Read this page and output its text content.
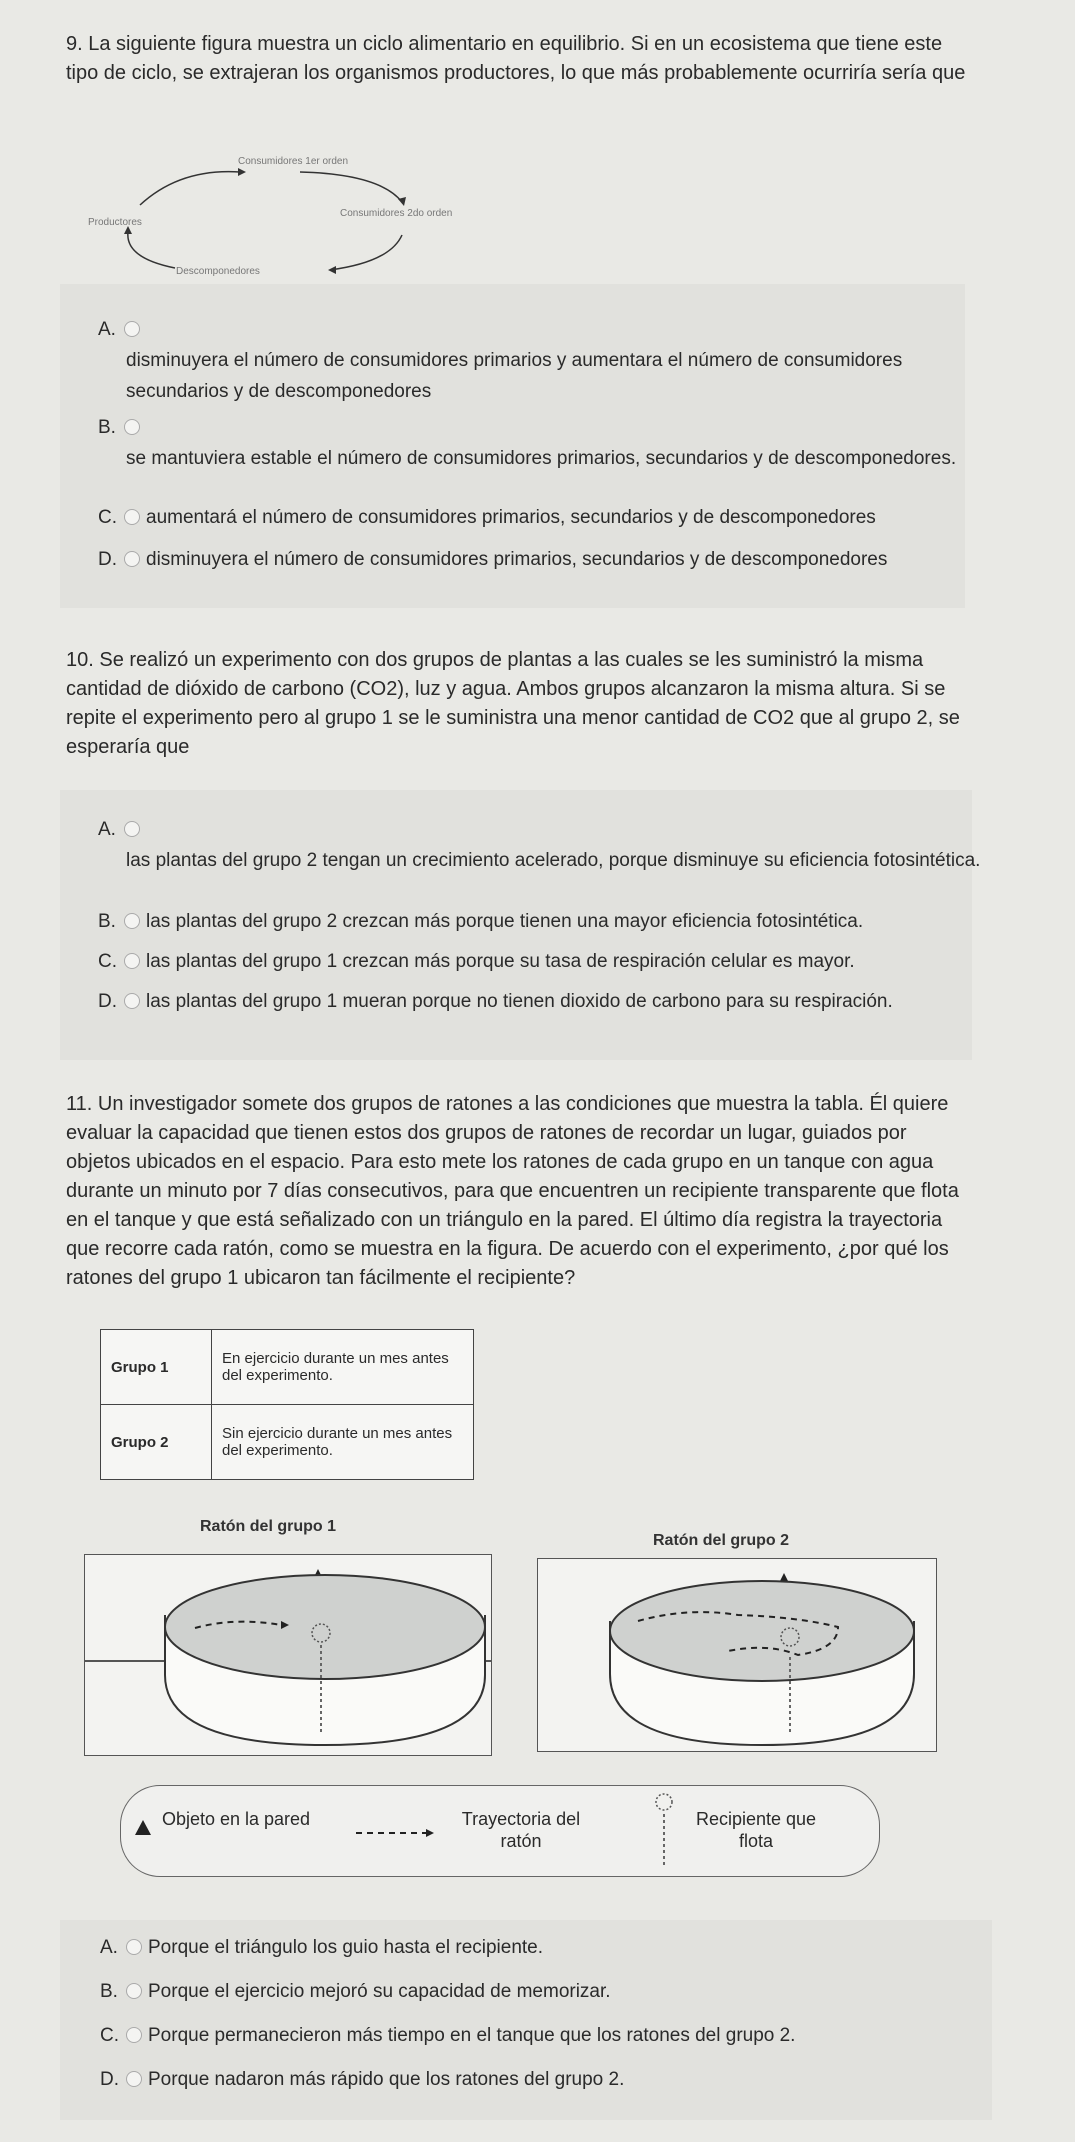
9. La siguiente figura muestra un ciclo alimentario en equilibrio. Si en un ecosistema que tiene este tipo de ciclo, se extrajeran los organismos productores, lo que más probablemente ocurriría sería que
Consumidores 1er orden
Consumidores 2do orden
Productores
Descomponedores
A.
disminuyera el número de consumidores primarios y aumentara el número de consumidores secundarios y de descomponedores
B.
se mantuviera estable el número de consumidores primarios, secundarios y de descomponedores.
C. aumentará el número de consumidores primarios, secundarios y de descomponedores
D. disminuyera el número de consumidores primarios, secundarios y de descomponedores
10. Se realizó un experimento con dos grupos de plantas a las cuales se les suministró la misma cantidad de dióxido de carbono (CO2), luz y agua. Ambos grupos alcanzaron la misma altura. Si se repite el experimento pero al grupo 1 se le suministra una menor cantidad de CO2 que al grupo 2, se esperaría que
A.
las plantas del grupo 2 tengan un crecimiento acelerado, porque disminuye su eficiencia fotosintética.
B. las plantas del grupo 2 crezcan más porque tienen una mayor eficiencia fotosintética.
C. las plantas del grupo 1 crezcan más porque su tasa de respiración celular es mayor.
D. las plantas del grupo 1 mueran porque no tienen dioxido de carbono para su respiración.
11. Un investigador somete dos grupos de ratones a las condiciones que muestra la tabla. Él quiere evaluar la capacidad que tienen estos dos grupos de ratones de recordar un lugar, guiados por objetos ubicados en el espacio. Para esto mete los ratones de cada grupo en un tanque con agua durante un minuto por 7 días consecutivos, para que encuentren un recipiente transparente que flota en el tanque y que está señalizado con un triángulo en la pared. El último día registra la trayectoria que recorre cada ratón, como se muestra en la figura. De acuerdo con el experimento, ¿por qué los ratones del grupo 1 ubicaron tan fácilmente el recipiente?
Grupo 1	En ejercicio durante un mes antes del experimento.
Grupo 2	Sin ejercicio durante un mes antes del experimento.
Ratón del grupo 1
Ratón del grupo 2
Objeto en la pared	Trayectoria del ratón
Recipiente que flota
A. Porque el triángulo los guio hasta el recipiente.
B. Porque el ejercicio mejoró su capacidad de memorizar.
C. Porque permanecieron más tiempo en el tanque que los ratones del grupo 2.
D. Porque nadaron más rápido que los ratones del grupo 2.
